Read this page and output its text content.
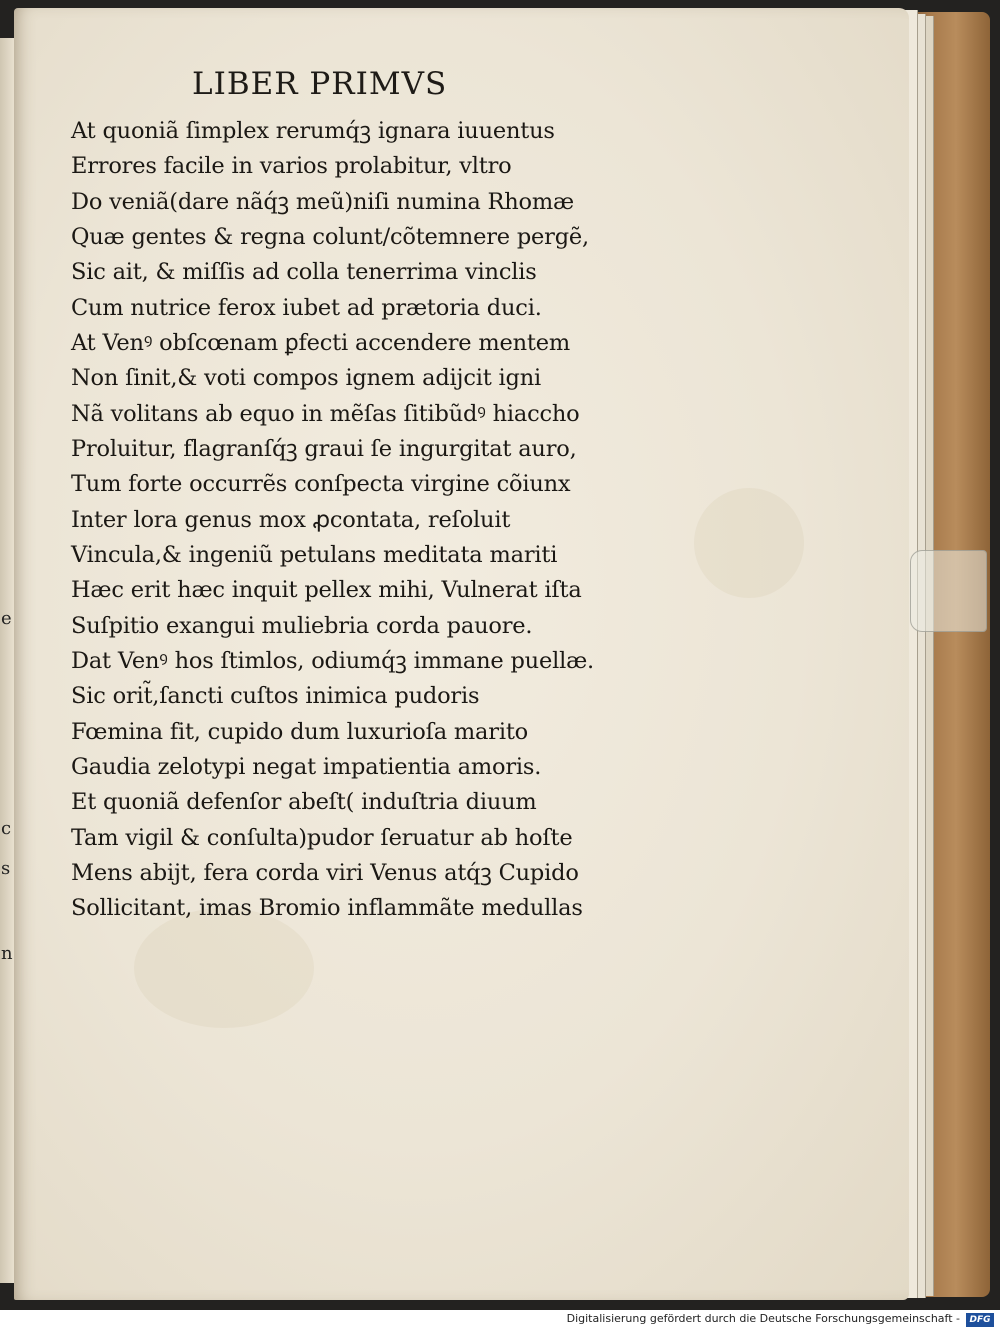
e
c
s
n
LIBER PRIMVS
At quoniã ſimplex rerumq́ꝫ ignara iuuentus
Errores facile in varios prolabitur, vltro
Do veniã(dare nãq́ꝫ meũ)niſi numina Rhomæ
Quæ gentes & regna colunt/cõtemnere pergẽ,
Sic ait, & miſſis ad colla tenerrima vinclis
Cum nutrice ferox iubet ad prætoria duci.
At Venꝰ obſcœnam ꝑfecti accendere mentem
Non ſinit,& voti compos ignem adijcit igni
Nã volitans ab equo in mẽſas ſitibũdꝰ hiaccho
Proluitur, flagranſq́ꝫ graui ſe ingurgitat auro,
Tum forte occurrẽs conſpecta virgine cõiunx
Inter lora genus mox ꝓcontata, reſoluit
Vincula,& ingeniũ petulans meditata mariti
Hæc erit hæc inquit pellex mihi, Vulnerat iſta
Suſpitio exangui muliebria corda pauore.
Dat Venꝰ hos ſtimlos, odiumq́ꝫ immane puellæ.
Sic orit̃,ſancti cuſtos inimica pudoris
Fœmina fit, cupido dum luxurioſa marito
Gaudia zelotypi negat impatientia amoris.
Et quoniã defenſor abeſt( induſtria diuum
Tam vigil & conſulta)pudor ſeruatur ab hoſte
Mens abijt, fera corda viri Venus atq́ꝫ Cupido
Sollicitant, imas Bromio inflammãte medullas

Digitalisierung gefördert durch die Deutsche Forschungsgemeinschaft -	DFG
